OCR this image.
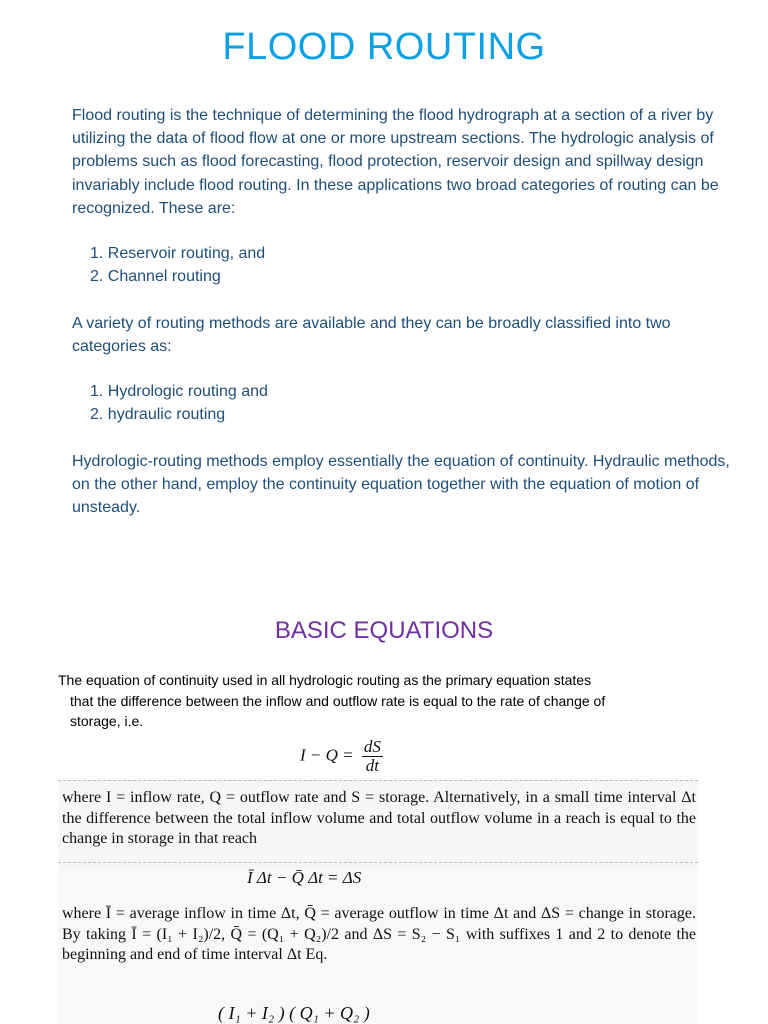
FLOOD ROUTING
Flood routing is the technique of determining the flood hydrograph at a section of a river by utilizing the data of flood flow at one or more upstream sections. The hydrologic analysis of problems such as flood forecasting, flood protection, reservoir design and spillway design invariably include flood routing. In these applications two broad categories of routing can be recognized. These are:
1. Reservoir routing, and
2. Channel routing
A variety of routing methods are available and they can be broadly classified into two categories as:
1. Hydrologic routing and
2. hydraulic routing
Hydrologic-routing methods employ essentially the equation of continuity. Hydraulic methods, on the other hand, employ the continuity equation together with the equation of motion of unsteady.
BASIC EQUATIONS
The equation of continuity used in all hydrologic routing as the primary equation states
that the difference between the inflow and outflow rate is equal to the rate of change of
storage, i.e.
$I - Q = \frac{dS}{dt}$
where I = inflow rate, Q = outflow rate and S = storage. Alternatively, in a small time interval Δt the difference between the total inflow volume and total outflow volume in a reach is equal to the change in storage in that reach
Ī Δt − Q̄ Δt = ΔS
where Ī = average inflow in time Δt, Q̄ = average outflow in time Δt and ΔS = change in storage. By taking Ī = (I₁ + I₂)/2, Q̄ = (Q₁ + Q₂)/2 and ΔS = S₂ − S₁ with suffixes 1 and 2 to denote the beginning and end of time interval Δt Eq.
( I₁ + I₂ ) ( Q₁ + Q₂ )
